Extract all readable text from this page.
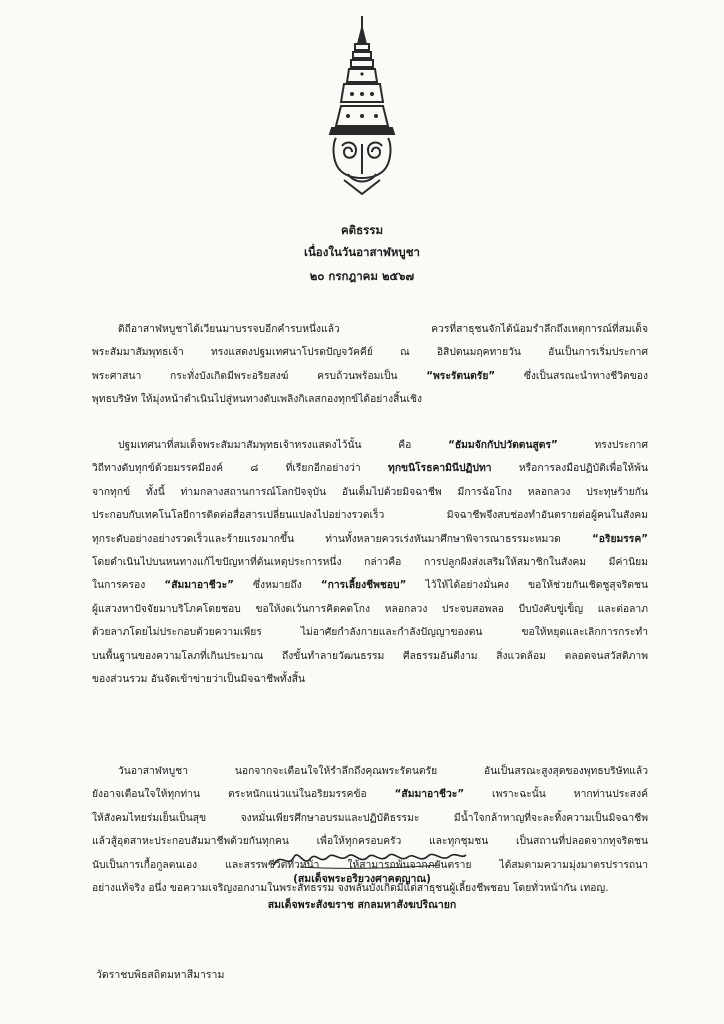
คติธรรม
เนื่องในวันอาสาฬหบูชา
๒๐ กรกฎาคม ๒๕๖๗

ดิถีอาสาฬหบูชาได้เวียนมาบรรจบอีกคำรบหนึ่งแล้ว ควรที่สาธุชนจักได้น้อมรำลึกถึงเหตุการณ์ที่สมเด็จ

พระสัมมาสัมพุทธเจ้า ทรงแสดงปฐมเทศนาโปรดปัญจวัคคีย์ ณ อิสิปตนมฤคทายวัน อันเป็นการเริ่มประกาศ

พระศาสนา กระทั่งบังเกิดมีพระอริยสงฆ์ ครบถ้วนพร้อมเป็น “พระรัตนตรัย” ซึ่งเป็นสรณะนำทางชีวิตของ

พุทธบริษัท ให้มุ่งหน้าดำเนินไปสู่หนทางดับเพลิงกิเลสกองทุกข์ได้อย่างสิ้นเชิง

ปฐมเทศนาที่สมเด็จพระสัมมาสัมพุทธเจ้าทรงแสดงไว้นั้น คือ “ธัมมจักกัปปวัตตนสูตร” ทรงประกาศ

วิถีทางดับทุกข์ด้วยมรรคมีองค์ ๘ ที่เรียกอีกอย่างว่า ทุกขนิโรธคามินีปฏิปทา หรือการลงมือปฏิบัติเพื่อให้พ้น

จากทุกข์ ทั้งนี้ ท่ามกลางสถานการณ์โลกปัจจุบัน อันเต็มไปด้วยมิจฉาชีพ มีการฉ้อโกง หลอกลวง ประทุษร้ายกัน

ประกอบกับเทคโนโลยีการติดต่อสื่อสารเปลี่ยนแปลงไปอย่างรวดเร็ว มิจฉาชีพจึงสบช่องทำอันตรายต่อผู้คนในสังคม

ทุกระดับอย่างอย่างรวดเร็วและร้ายแรงมากขึ้น ท่านทั้งหลายควรเร่งหันมาศึกษาพิจารณาธรรมะหมวด “อริยมรรค”

โดยดำเนินไปบนหนทางแก้ไขปัญหาที่ต้นเหตุประการหนึ่ง กล่าวคือ การปลูกฝังส่งเสริมให้สมาชิกในสังคม มีค่านิยม

ในการครอง “สัมมาอาชีวะ” ซึ่งหมายถึง “การเลี้ยงชีพชอบ” ไว้ให้ได้อย่างมั่นคง ขอให้ช่วยกันเชิดชูสุจริตชน

ผู้แสวงหาปัจจัยมาบริโภคโดยชอบ ขอให้งดเว้นการคิดคดโกง หลอกลวง ประจบสอพลอ บีบบังคับขู่เข็ญ และต่อลาภ

ด้วยลาภโดยไม่ประกอบด้วยความเพียร ไม่อาศัยกำลังกายและกำลังปัญญาของตน ขอให้หยุดและเลิกการกระทำ

บนพื้นฐานของความโลภที่เกินประมาณ ถึงขั้นทำลายวัฒนธรรม ศีลธรรมอันดีงาม สิ่งแวดล้อม ตลอดจนสวัสดิภาพ

ของส่วนรวม อันจัดเข้าข่ายว่าเป็นมิจฉาชีพทั้งสิ้น

วันอาสาฬหบูชา นอกจากจะเตือนใจให้รำลึกถึงคุณพระรัตนตรัย อันเป็นสรณะสูงสุดของพุทธบริษัทแล้ว

ยังอาจเตือนใจให้ทุกท่าน ตระหนักแน่วแน่ในอริยมรรคข้อ “สัมมาอาชีวะ” เพราะฉะนั้น หากท่านประสงค์

ให้สังคมไทยร่มเย็นเป็นสุข จงหมั่นเพียรศึกษาอบรมและปฏิบัติธรรมะ มีน้ำใจกล้าหาญที่จะละทิ้งความเป็นมิจฉาชีพ

แล้วสู้อุตสาหะประกอบสัมมาชีพด้วยกันทุกคน เพื่อให้ทุกครอบครัว และทุกชุมชน เป็นสถานที่ปลอดจากทุจริตชน

นับเป็นการเกื้อกูลตนเอง และสรรพชีวิตทั่วหน้า ให้สามารถพ้นจากภยันตราย ได้สมตามความมุ่งมาตรปรารถนา

อย่างแท้จริง อนึ่ง ขอความเจริญงอกงามในพระสัทธรรม จงพลันบังเกิดมีแด่สาธุชนผู้เลี้ยงชีพชอบ โดยทั่วหน้ากัน เทอญ.

(สมเด็จพระอริยวงศาคตญาณ)
สมเด็จพระสังฆราช สกลมหาสังฆปริณายก
วัดราชบพิธสถิตมหาสีมาราม
